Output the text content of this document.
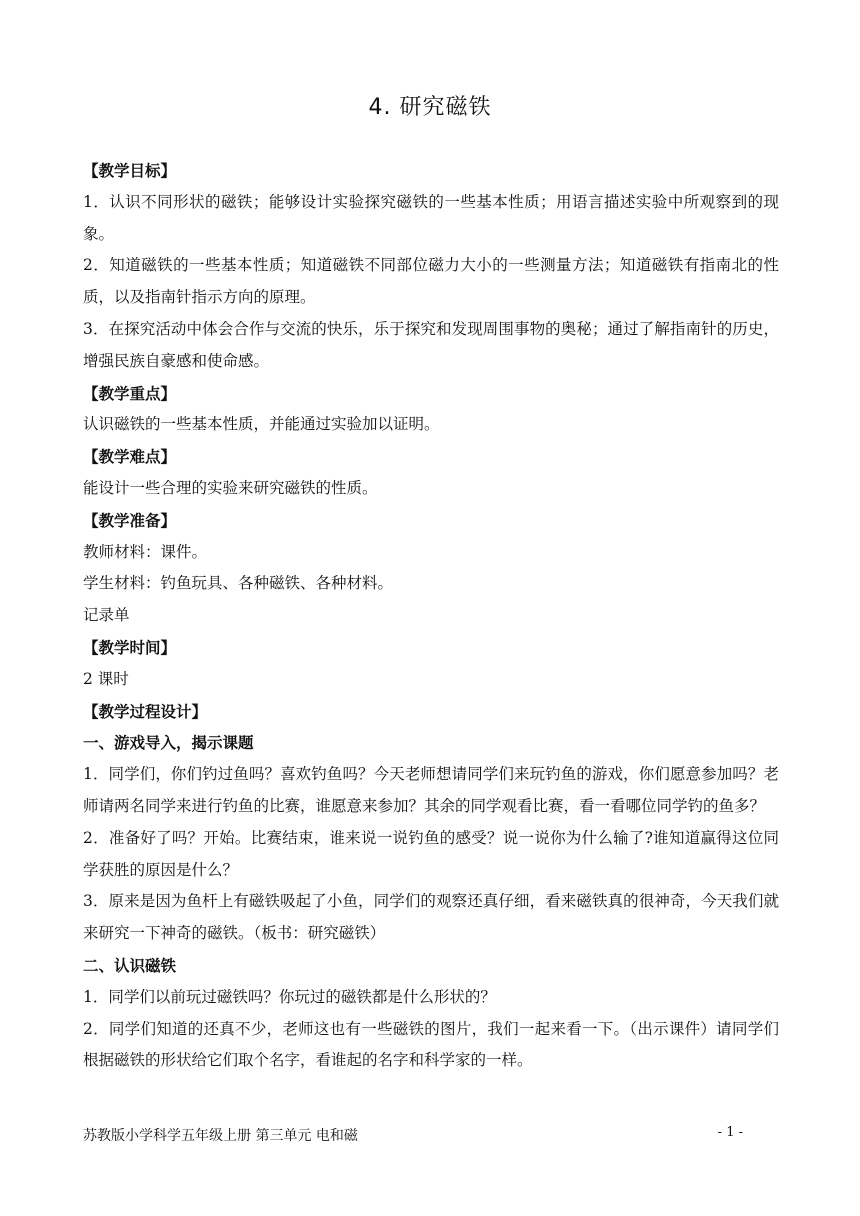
4. 研究磁铁

【教学目标】

1．认识不同形状的磁铁；能够设计实验探究磁铁的一些基本性质；用语言描述实验中所观察到的现象。

2．知道磁铁的一些基本性质；知道磁铁不同部位磁力大小的一些测量方法；知道磁铁有指南北的性质，以及指南针指示方向的原理。

3．在探究活动中体会合作与交流的快乐，乐于探究和发现周围事物的奥秘；通过了解指南针的历史，增强民族自豪感和使命感。

【教学重点】

认识磁铁的一些基本性质，并能通过实验加以证明。

【教学难点】

能设计一些合理的实验来研究磁铁的性质。

【教学准备】

教师材料：课件。

学生材料：钓鱼玩具、各种磁铁、各种材料。

记录单

【教学时间】

2 课时

【教学过程设计】

一、游戏导入，揭示课题

1．同学们，你们钓过鱼吗？喜欢钓鱼吗？今天老师想请同学们来玩钓鱼的游戏，你们愿意参加吗？老师请两名同学来进行钓鱼的比赛，谁愿意来参加？其余的同学观看比赛，看一看哪位同学钓的鱼多？

2．准备好了吗？开始。比赛结束，谁来说一说钓鱼的感受？说一说你为什么输了?谁知道赢得这位同学获胜的原因是什么？

3．原来是因为鱼杆上有磁铁吸起了小鱼，同学们的观察还真仔细，看来磁铁真的很神奇，今天我们就来研究一下神奇的磁铁。（板书：研究磁铁）

二、认识磁铁

1．同学们以前玩过磁铁吗？你玩过的磁铁都是什么形状的？

2．同学们知道的还真不少，老师这也有一些磁铁的图片，我们一起来看一下。（出示课件）请同学们根据磁铁的形状给它们取个名字，看谁起的名字和科学家的一样。

苏教版小学科学五年级上册 第三单元 电和磁	- 1 -
